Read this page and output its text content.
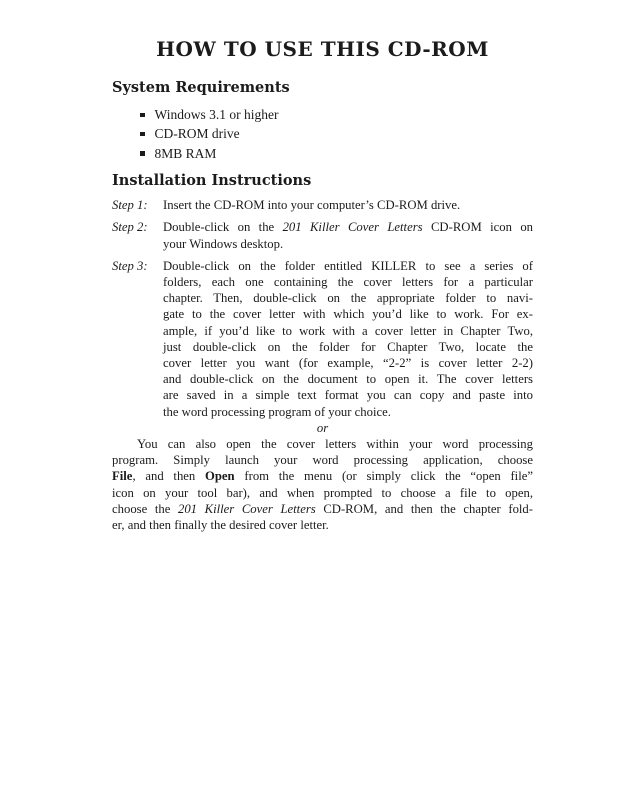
HOW TO USE THIS CD-ROM
System Requirements
Windows 3.1 or higher
CD-ROM drive
8MB RAM
Installation Instructions
Step 1:	Insert the CD-ROM into your computer’s CD-ROM drive.
Step 2:	Double-click on the 201 Killer Cover Letters CD-ROM icon on
your Windows desktop.
Step 3:	Double-click on the folder entitled KILLER to see a series of
folders, each one containing the cover letters for a particular
chapter. Then, double-click on the appropriate folder to navi-
gate to the cover letter with which you’d like to work. For ex-
ample, if you’d like to work with a cover letter in Chapter Two,
just double-click on the folder for Chapter Two, locate the
cover letter you want (for example, “2-2” is cover letter 2-2)
and double-click on the document to open it. The cover letters
are saved in a simple text format you can copy and paste into
the word processing program of your choice.
or
You can also open the cover letters within your word processing
program. Simply launch your word processing application, choose
File, and then Open from the menu (or simply click the “open file”
icon on your tool bar), and when prompted to choose a file to open,
choose the 201 Killer Cover Letters CD-ROM, and then the chapter fold-
er, and then finally the desired cover letter.
